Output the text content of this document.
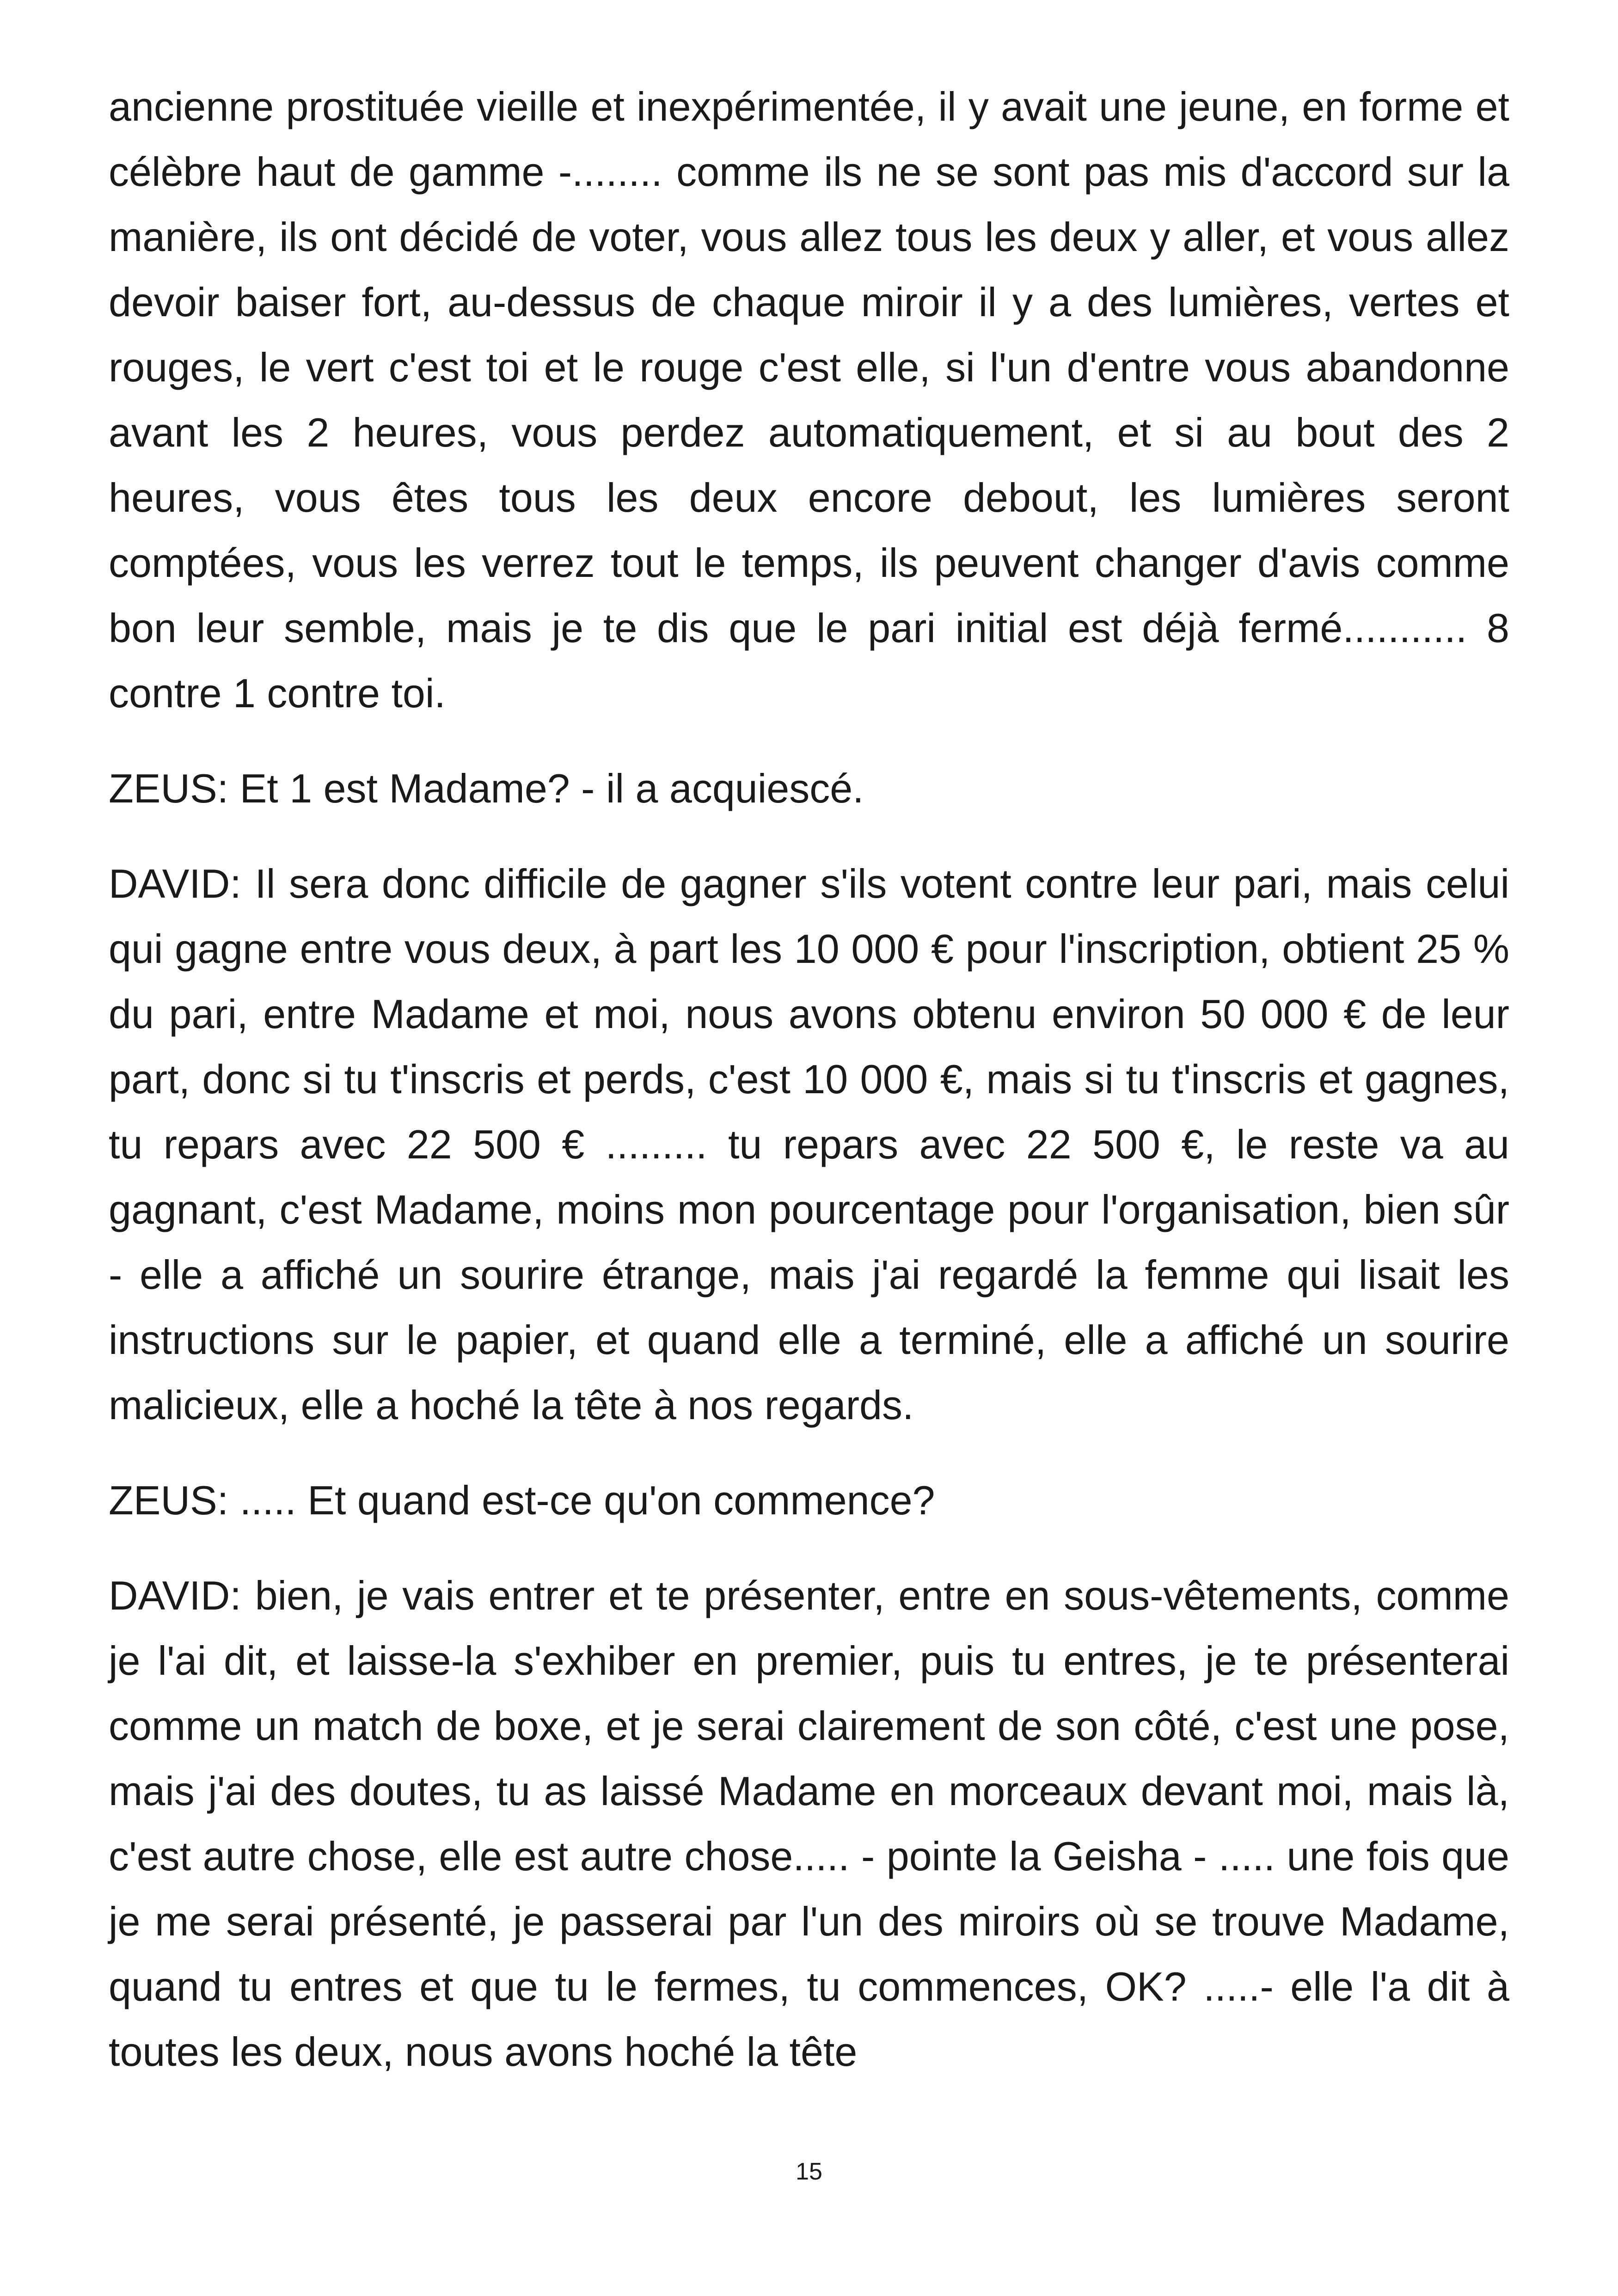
ancienne prostituée vieille et inexpérimentée, il y avait une jeune, en forme et célèbre haut de gamme -........ comme ils ne se sont pas mis d'accord sur la manière, ils ont décidé de voter, vous allez tous les deux y aller, et vous allez devoir baiser fort, au-dessus de chaque miroir il y a des lumières, vertes et rouges, le vert c'est toi et le rouge c'est elle, si l'un d'entre vous abandonne avant les 2 heures, vous perdez automatiquement, et si au bout des 2 heures, vous êtes tous les deux encore debout, les lumières seront comptées, vous les verrez tout le temps, ils peuvent changer d'avis comme bon leur semble, mais je te dis que le pari initial est déjà fermé........... 8 contre 1 contre toi.

ZEUS: Et 1 est Madame? - il a acquiescé.

DAVID: Il sera donc difficile de gagner s'ils votent contre leur pari, mais celui qui gagne entre vous deux, à part les 10 000 € pour l'inscription, obtient 25 % du pari, entre Madame et moi, nous avons obtenu environ 50 000 € de leur part, donc si tu t'inscris et perds, c'est 10 000 €, mais si tu t'inscris et gagnes, tu repars avec 22 500 € ......... tu repars avec 22 500 €, le reste va au gagnant, c'est Madame, moins mon pourcentage pour l'organisation, bien sûr - elle a affiché un sourire étrange, mais j'ai regardé la femme qui lisait les instructions sur le papier, et quand elle a terminé, elle a affiché un sourire malicieux, elle a hoché la tête à nos regards.

ZEUS: ..... Et quand est-ce qu'on commence?

DAVID: bien, je vais entrer et te présenter, entre en sous-vêtements, comme je l'ai dit, et laisse-la s'exhiber en premier, puis tu entres, je te présenterai comme un match de boxe, et je serai clairement de son côté, c'est une pose, mais j'ai des doutes, tu as laissé Madame en morceaux devant moi, mais là, c'est autre chose, elle est autre chose..... - pointe la Geisha - ..... une fois que je me serai présenté, je passerai par l'un des miroirs où se trouve Madame, quand tu entres et que tu le fermes, tu commences, OK? .....- elle l'a dit à toutes les deux, nous avons hoché la tête

15
